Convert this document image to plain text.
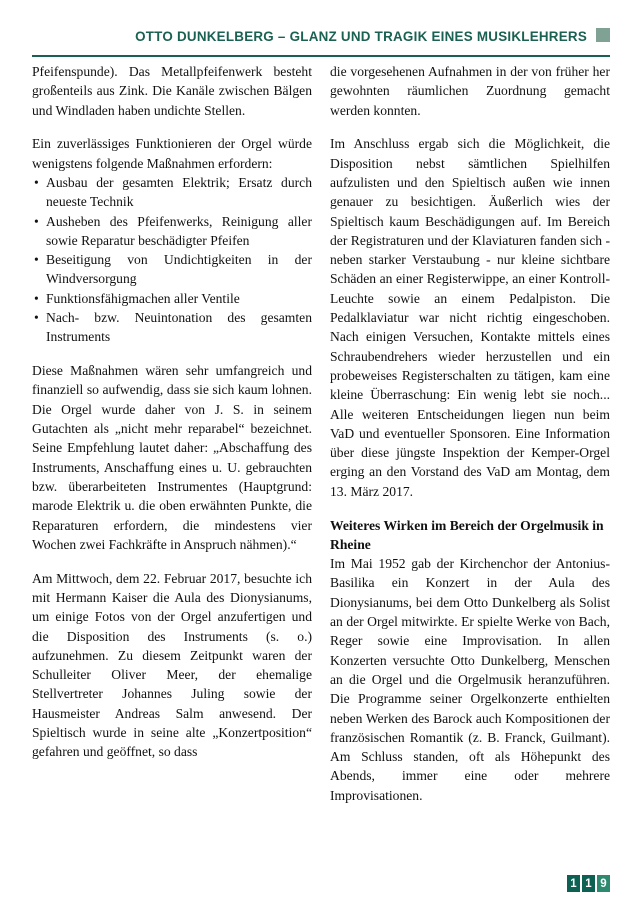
OTTO DUNKELBERG – GLANZ UND TRAGIK EINES MUSIKLEHRERS

Pfeifenspunde). Das Metallpfeifenwerk besteht großenteils aus Zink. Die Kanäle zwischen Bälgen und Windladen haben undichte Stellen.

Ein zuverlässiges Funktionieren der Orgel würde wenigstens folgende Maßnahmen erfordern:

• Ausbau der gesamten Elektrik; Ersatz durch neueste Technik
• Ausheben des Pfeifenwerks, Reinigung aller sowie Reparatur beschädigter Pfeifen
• Beseitigung von Undichtigkeiten in der Windversorgung
• Funktionsfähigmachen aller Ventile
• Nach- bzw. Neuintonation des gesamten Instruments

Diese Maßnahmen wären sehr umfangreich und finanziell so aufwendig, dass sie sich kaum lohnen. Die Orgel wurde daher von J. S. in seinem Gutachten als „nicht mehr reparabel“ bezeichnet. Seine Empfehlung lautet daher: „Abschaffung des Instruments, Anschaffung eines u. U. gebrauchten bzw. überarbeiteten Instrumentes (Hauptgrund: marode Elektrik u. die oben erwähnten Punkte, die Reparaturen erfordern, die mindestens vier Wochen zwei Fachkräfte in Anspruch nähmen).“

Am Mittwoch, dem 22. Februar 2017, besuchte ich mit Hermann Kaiser die Aula des Dionysianums, um einige Fotos von der Orgel anzufertigen und die Disposition des Instruments (s. o.) aufzunehmen. Zu diesem Zeitpunkt waren der Schulleiter Oliver Meer, der ehemalige Stellvertreter Johannes Juling sowie der Hausmeister Andreas Salm anwesend. Der Spieltisch wurde in seine alte „Konzertposition“ gefahren und geöffnet, so dass

die vorgesehenen Aufnahmen in der von früher her gewohnten räumlichen Zuordnung gemacht werden konnten.

Im Anschluss ergab sich die Möglichkeit, die Disposition nebst sämtlichen Spielhilfen aufzulisten und den Spieltisch außen wie innen genauer zu besichtigen. Äußerlich wies der Spieltisch kaum Beschädigungen auf. Im Bereich der Registraturen und der Klaviaturen fanden sich - neben starker Verstaubung - nur kleine sichtbare Schäden an einer Registerwippe, an einer Kontroll-Leuchte sowie an einem Pedalpiston. Die Pedalklaviatur war nicht richtig eingeschoben. Nach einigen Versuchen, Kontakte mittels eines Schraubendrehers wieder herzustellen und ein probeweises Registerschalten zu tätigen, kam eine kleine Überraschung: Ein wenig lebt sie noch... Alle weiteren Entscheidungen liegen nun beim VaD und eventueller Sponsoren. Eine Information über diese jüngste Inspektion der Kemper-Orgel erging an den Vorstand des VaD am Montag, dem 13. März 2017.

Weiteres Wirken im Bereich der Orgelmusik in Rheine

Im Mai 1952 gab der Kirchenchor der Antonius-Basilika ein Konzert in der Aula des Dionysianums, bei dem Otto Dunkelberg als Solist an der Orgel mitwirkte. Er spielte Werke von Bach, Reger sowie eine Improvisation. In allen Konzerten versuchte Otto Dunkelberg, Menschen an die Orgel und die Orgelmusik heranzuführen. Die Programme seiner Orgelkonzerte enthielten neben Werken des Barock auch Kompositionen der französischen Romantik (z. B. Franck, Guilmant). Am Schluss standen, oft als Höhepunkt des Abends, immer eine oder mehrere Improvisationen.

1 1 9
